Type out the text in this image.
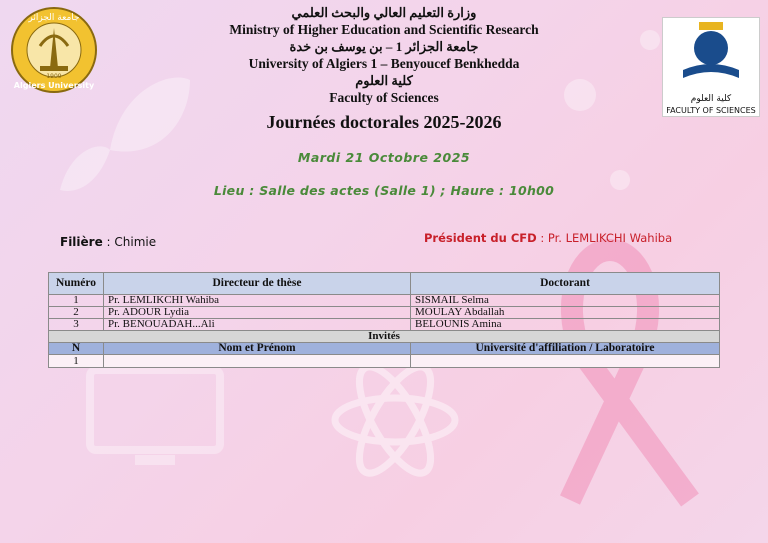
جامعة الجزائر
1909
Algiers University
كلية العلوم
FACULTY OF SCIENCES
وزارة التعليم العالي والبحث العلمي
Ministry of Higher Education and Scientific Research
جامعة الجزائر 1 – بن يوسف بن خدة
University of Algiers 1 – Benyoucef Benkhedda
كلية العلوم
Faculty of Sciences
Journées doctorales 2025-2026
Mardi 21 Octobre 2025
Lieu : Salle des actes (Salle 1) ; Haure : 10h00
Filière : Chimie	Président du CFD : Pr. LEMLIKCHI Wahiba
Numéro	Directeur de thèse	Doctorant
1	Pr. LEMLIKCHI Wahiba	SISMAIL Selma
2	Pr. ADOUR Lydia	MOULAY Abdallah
3	Pr. BENOUADAH...Ali	BELOUNIS Amina
Invités		
N	Nom et Prénom	Université d'affiliation / Laboratoire
1		
